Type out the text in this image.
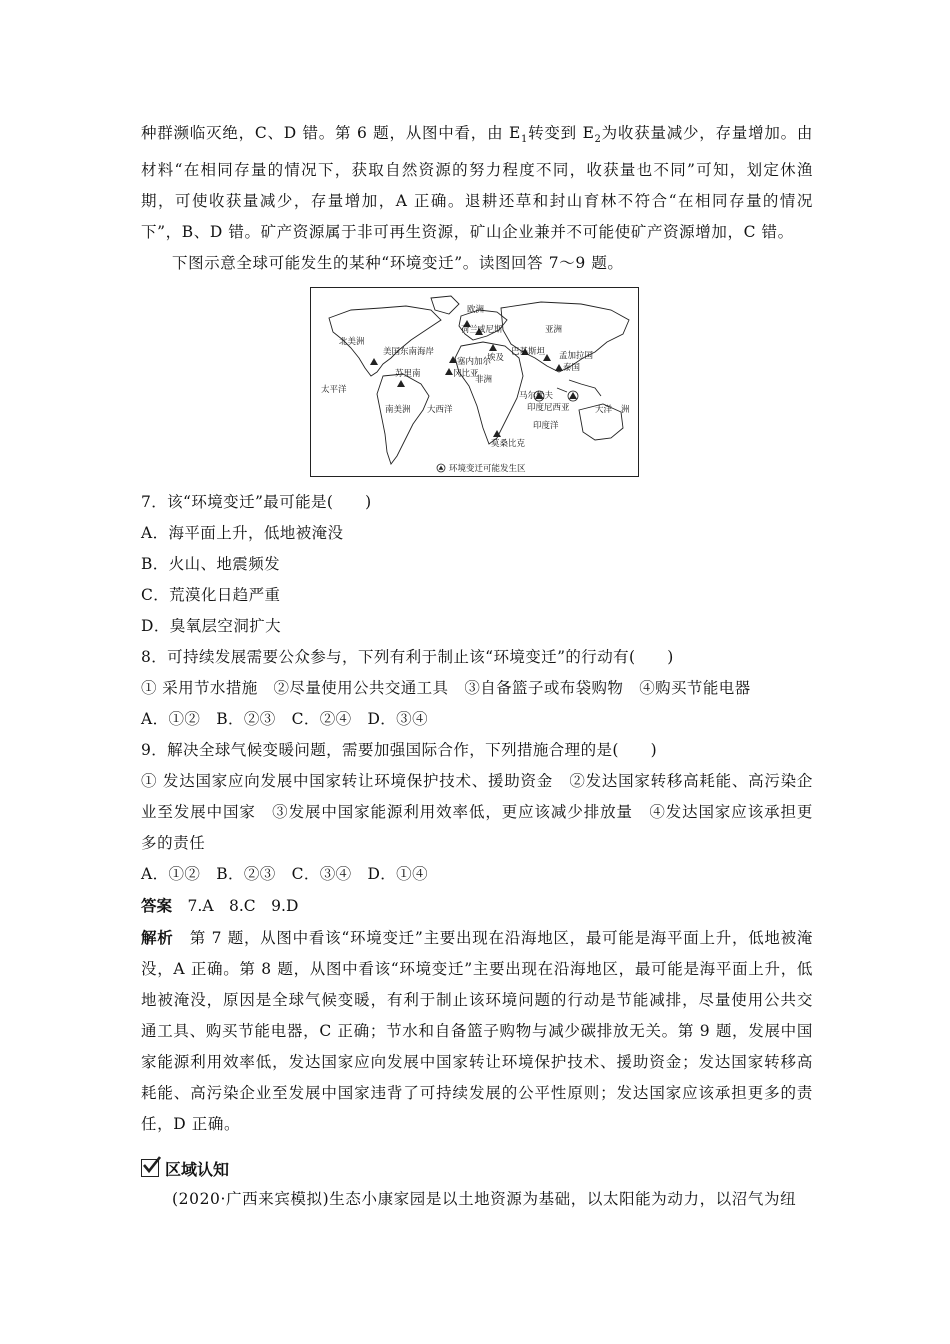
种群濒临灭绝，C、D 错。第 6 题，从图中看，由 $E_1$转变到 $E_2$为收获量减少，存量增加。由材料“在相同存量的情况下，获取自然资源的努力程度不同，收获量也不同”可知，划定休渔期，可使收获量减少，存量增加，A 正确。退耕还草和封山育林不符合“在相同存量的情况下”，B、D 错。矿产资源属于非可再生资源，矿山企业兼并不可能使矿产资源增加，C 错。

下图示意全球可能发生的某种“环境变迁”。读图回答 7～9 题。

北美洲
美国东南海岸
欧洲
威尼斯
荷兰	亚洲
巴基斯坦 孟加拉国
泰国
塞内加尔
冈比亚
埃及
非洲
苏里南
太平洋
南美洲 大西洋
马尔代夫
印度尼西亚
印度洋
大洋 洲
莫桑比克
环境变迁可能发生区

7．该“环境变迁”最可能是(　　)

A．海平面上升，低地被淹没

B．火山、地震频发

C．荒漠化日趋严重

D．臭氧层空洞扩大

8．可持续发展需要公众参与，下列有利于制止该“环境变迁”的行动有(　　)

① 采用节水措施　②尽量使用公共交通工具　③自备篮子或布袋购物　④购买节能电器

A．①②　B．②③　C．②④　D．③④

9．解决全球气候变暖问题，需要加强国际合作，下列措施合理的是(　　)

① 发达国家应向发展中国家转让环境保护技术、援助资金　②发达国家转移高耗能、高污染企业至发展中国家　③发展中国家能源利用效率低，更应该减少排放量　④发达国家应该承担更多的责任

A．①②　B．②③　C．③④　D．①④

答案　 7.A　8.C　9.D

解析　 第 7 题，从图中看该“环境变迁”主要出现在沿海地区，最可能是海平面上升，低地被淹没，A 正确。第 8 题，从图中看该“环境变迁”主要出现在沿海地区，最可能是海平面上升，低地被淹没，原因是全球气候变暖，有利于制止该环境问题的行动是节能减排，尽量使用公共交通工具、购买节能电器，C 正确；节水和自备篮子购物与减少碳排放无关。第 9 题，发展中国家能源利用效率低，发达国家应向发展中国家转让环境保护技术、援助资金；发达国家转移高耗能、高污染企业至发展中国家违背了可持续发展的公平性原则；发达国家应该承担更多的责任，D 正确。

区域认知

(2020·广西来宾模拟)生态小康家园是以土地资源为基础，以太阳能为动力，以沼气为纽
